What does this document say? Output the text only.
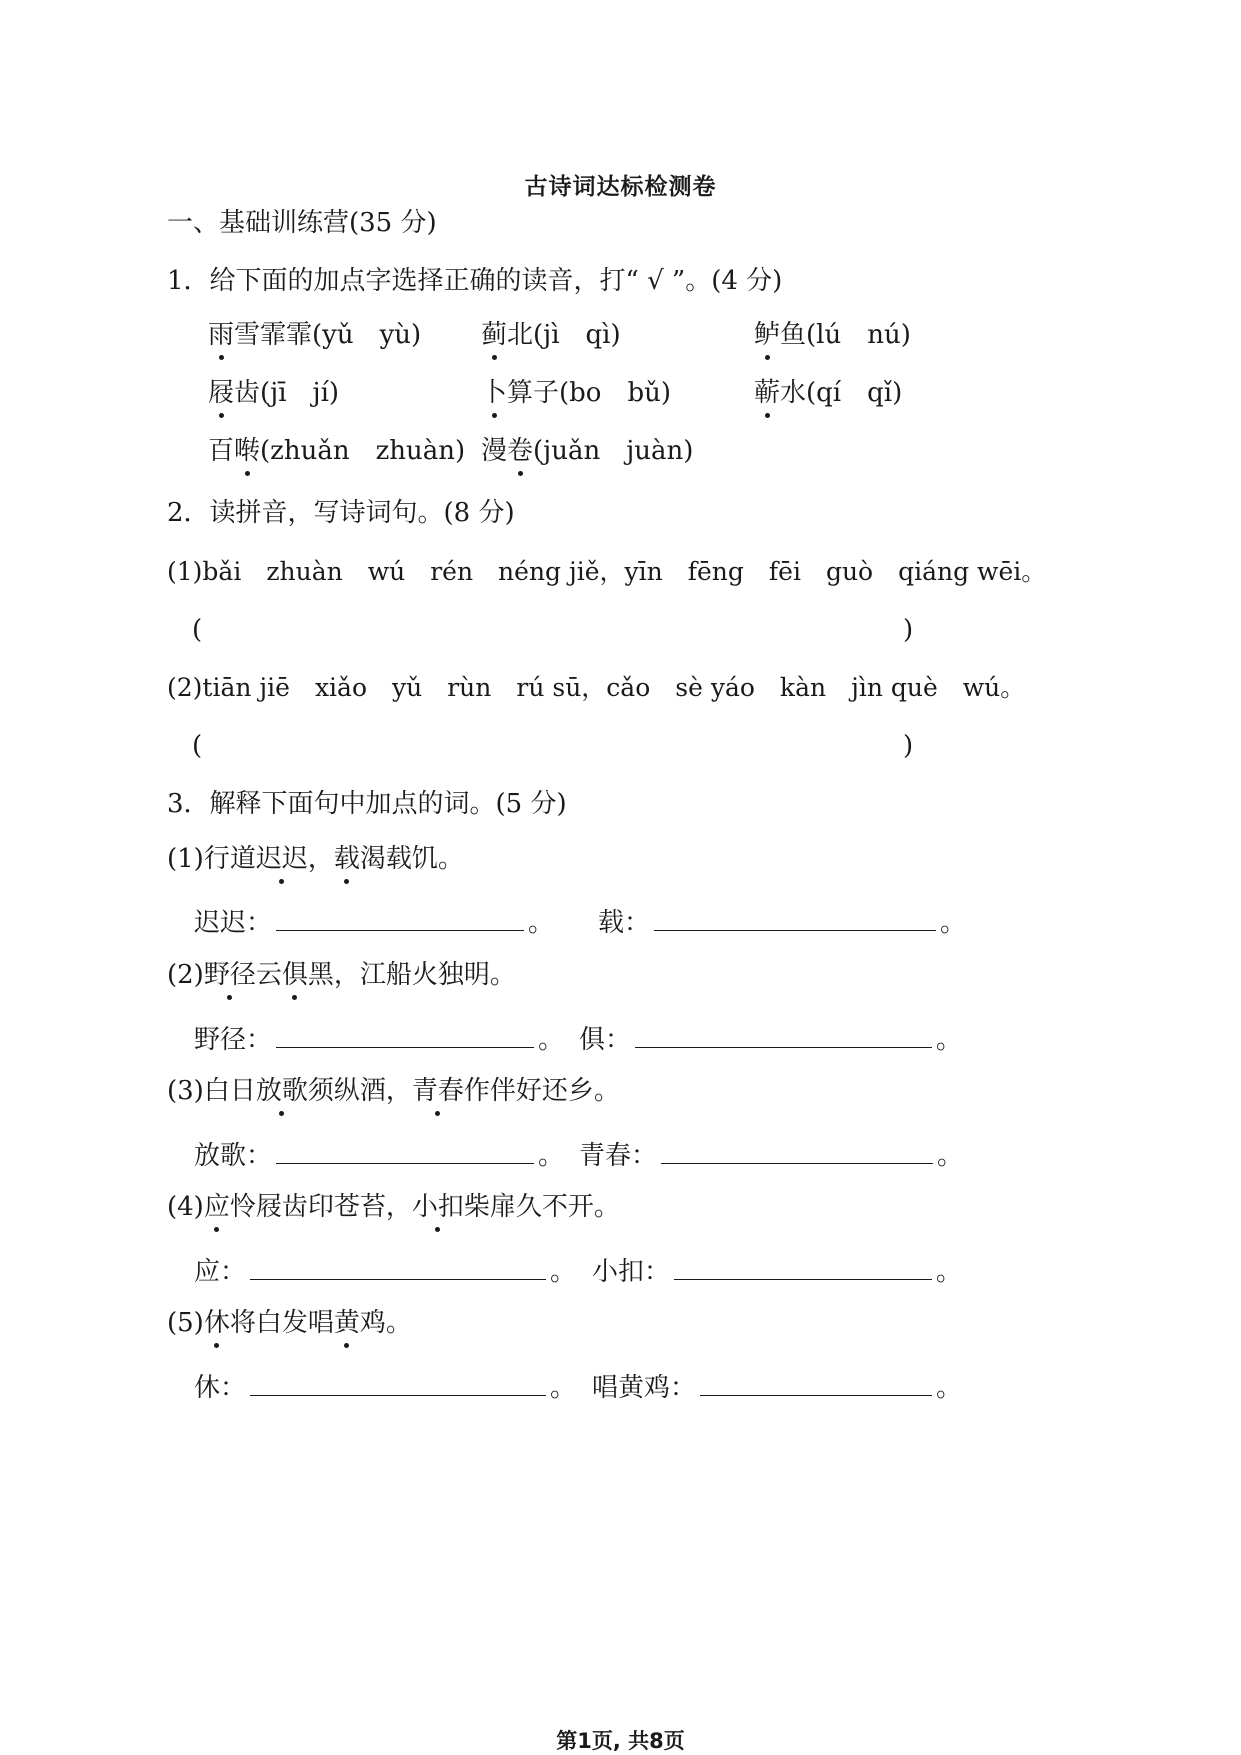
古诗词达标检测卷
一、基础训练营(35 分)
1．给下面的加点字选择正确的读音，打“ √ ”。(4 分)
雨雪霏霏(yǔ　yù) 蓟北(jì　qì)	鲈鱼(lú　nú)
屐齿(jī　jí)	卜算子(bo　bǔ)	蕲水(qí　qǐ)
百啭(zhuǎn　zhuàn) 漫卷(juǎn　juàn)
2．读拼音，写诗词句。(8 分)
(1)bǎi　zhuàn　wú　rén　néng jiě，yīn　fēng　fēi　guò　qiáng wēi。
(	)
(2)tiān jiē　xiǎo　yǔ　rùn　rú sū，cǎo　sè yáo　kàn　jìn què　wú。
(	)
3．解释下面句中加点的词。(5 分)
(1)行道迟迟，载渴载饥。
迟迟：	。 载：	。
(2)野径云俱黑，江船火独明。
野径：	。 俱：	。
(3)白日放歌须纵酒，青春作伴好还乡。
放歌：	。 青春：	。
(4)应怜屐齿印苍苔，小扣柴扉久不开。
应：	。 小扣：	。
(5)休将白发唱黄鸡。
休：	。 唱黄鸡：	。
第1页, 共8页
